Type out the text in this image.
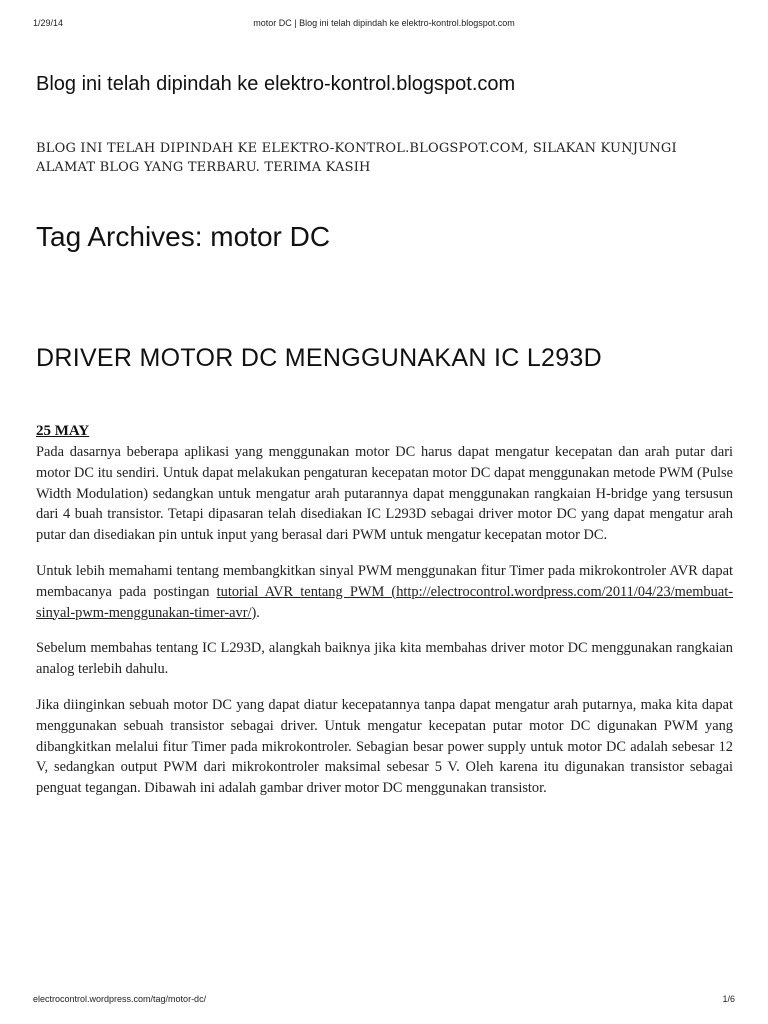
1/29/14	motor DC | Blog ini telah dipindah ke elektro-kontrol.blogspot.com
Blog ini telah dipindah ke elektro-kontrol.blogspot.com

BLOG INI TELAH DIPINDAH KE ELEKTRO-KONTROL.BLOGSPOT.COM, SILAKAN KUNJUNGI ALAMAT BLOG YANG TERBARU. TERIMA KASIH

Tag Archives: motor DC
DRIVER MOTOR DC MENGGUNAKAN IC L293D
25 MAY

Pada dasarnya beberapa aplikasi yang menggunakan motor DC harus dapat mengatur kecepatan dan arah putar dari motor DC itu sendiri. Untuk dapat melakukan pengaturan kecepatan motor DC dapat menggunakan metode PWM (Pulse Width Modulation) sedangkan untuk mengatur arah putarannya dapat menggunakan rangkaian H-bridge yang tersusun dari 4 buah transistor. Tetapi dipasaran telah disediakan IC L293D sebagai driver motor DC yang dapat mengatur arah putar dan disediakan pin untuk input yang berasal dari PWM untuk mengatur kecepatan motor DC.

Untuk lebih memahami tentang membangkitkan sinyal PWM menggunakan fitur Timer pada mikrokontroler AVR dapat membacanya pada postingan tutorial AVR tentang PWM (http://electrocontrol.wordpress.com/2011/04/23/membuat-sinyal-pwm-menggunakan-timer-avr/).

Sebelum membahas tentang IC L293D, alangkah baiknya jika kita membahas driver motor DC menggunakan rangkaian analog terlebih dahulu.

Jika diinginkan sebuah motor DC yang dapat diatur kecepatannya tanpa dapat mengatur arah putarnya, maka kita dapat menggunakan sebuah transistor sebagai driver. Untuk mengatur kecepatan putar motor DC digunakan PWM yang dibangkitkan melalui fitur Timer pada mikrokontroler. Sebagian besar power supply untuk motor DC adalah sebesar 12 V, sedangkan output PWM dari mikrokontroler maksimal sebesar 5 V. Oleh karena itu digunakan transistor sebagai penguat tegangan. Dibawah ini adalah gambar driver motor DC menggunakan transistor.

electrocontrol.wordpress.com/tag/motor-dc/	1/6
